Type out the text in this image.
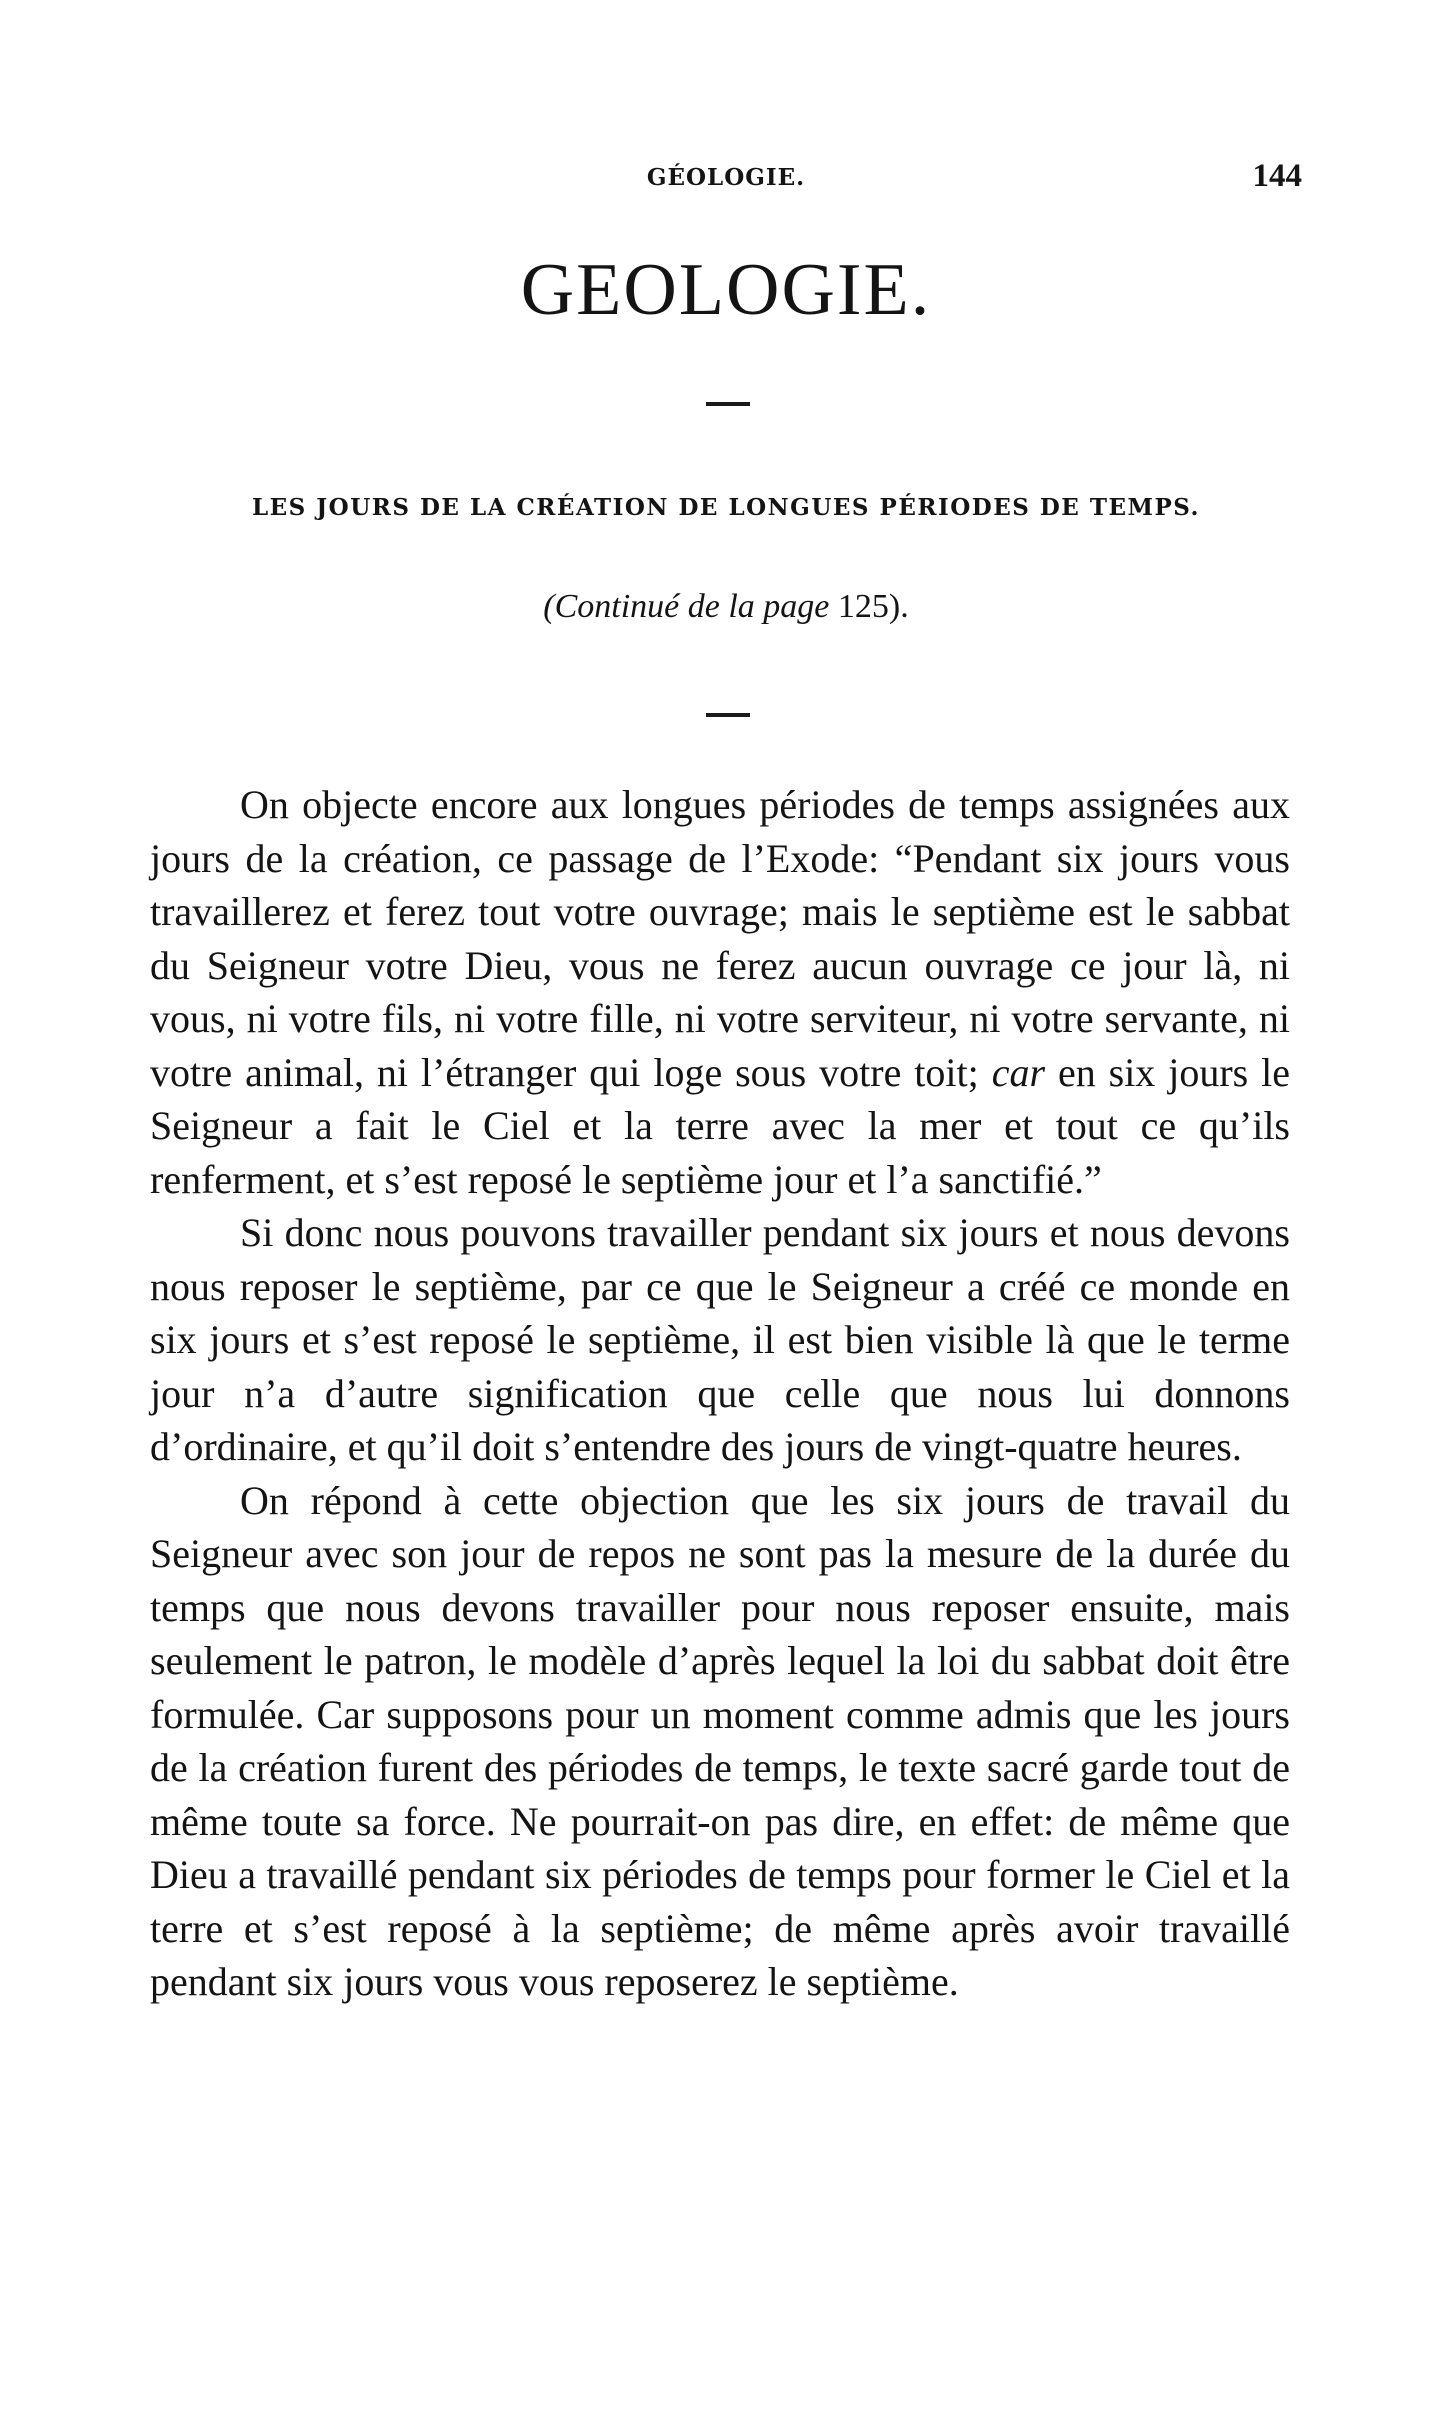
GÉOLOGIE.	144
GEOLOGIE.
LES JOURS DE LA CRÉATION DE LONGUES PÉRIODES DE TEMPS.
(Continué de la page 125).

On objecte encore aux longues périodes de temps assignées aux jours de la création, ce passage de l’Exode: “Pendant six jours vous travaillerez et ferez tout votre ouvrage; mais le septième est le sabbat du Seigneur votre Dieu, vous ne ferez aucun ouvrage ce jour là, ni vous, ni votre fils, ni votre fille, ni votre serviteur, ni votre servante, ni votre animal, ni l’étranger qui loge sous votre toit; car en six jours le Seigneur a fait le Ciel et la terre avec la mer et tout ce qu’ils renferment, et s’est reposé le septième jour et l’a sanctifié.”

Si donc nous pouvons travailler pendant six jours et nous devons nous reposer le septième, par ce que le Seigneur a créé ce monde en six jours et s’est reposé le septième, il est bien visible là que le terme jour n’a d’autre signification que celle que nous lui donnons d’ordinaire, et qu’il doit s’entendre des jours de vingt-quatre heures.

On répond à cette objection que les six jours de travail du Seigneur avec son jour de repos ne sont pas la mesure de la durée du temps que nous devons travailler pour nous reposer ensuite, mais seulement le patron, le modèle d’après lequel la loi du sabbat doit être formulée. Car supposons pour un moment comme admis que les jours de la création furent des périodes de temps, le texte sacré garde tout de même toute sa force. Ne pourrait-on pas dire, en effet: de même que Dieu a travaillé pendant six périodes de temps pour former le Ciel et la terre et s’est reposé à la septième; de même après avoir travaillé pendant six jours vous vous reposerez le septième.
